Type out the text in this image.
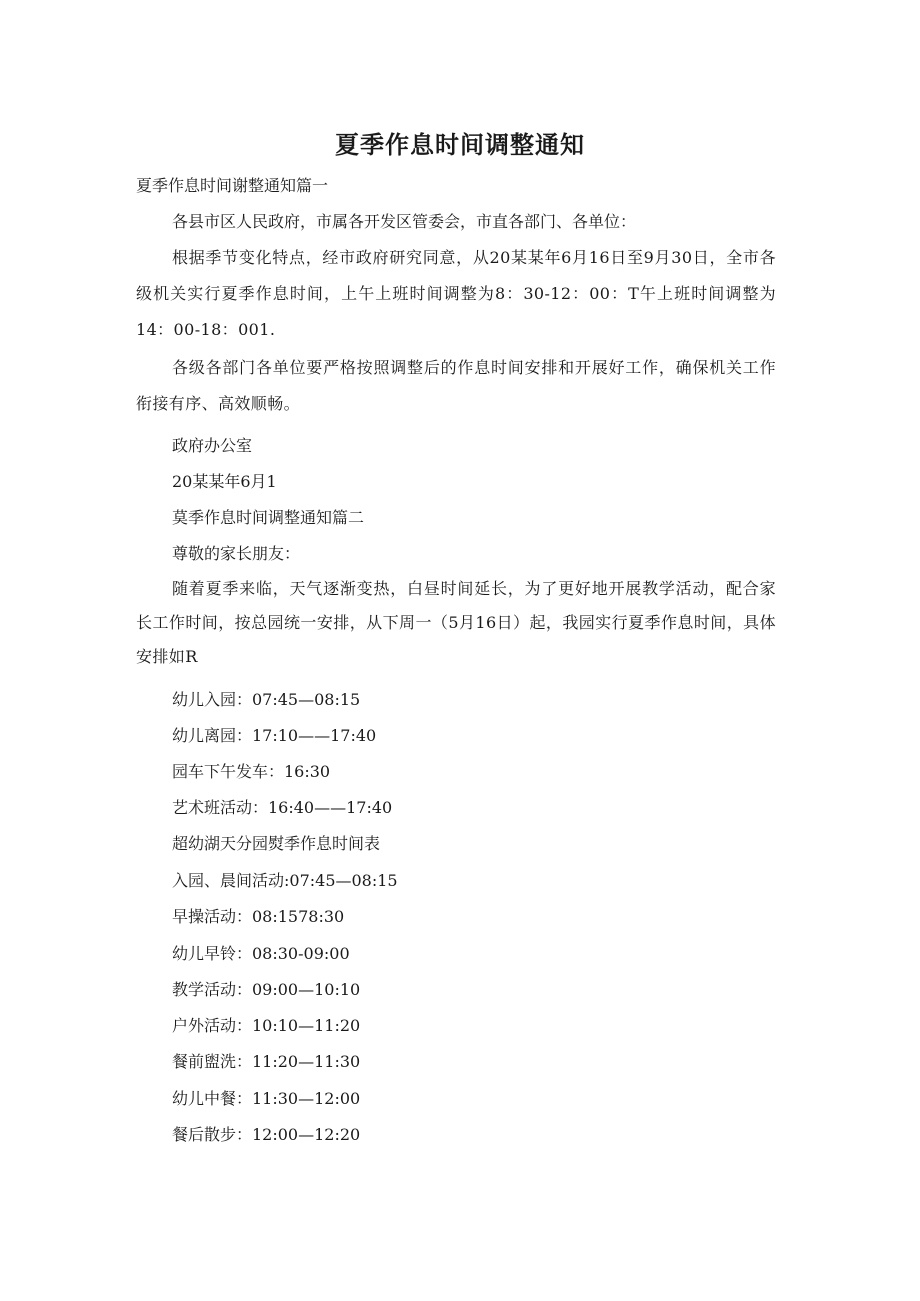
夏季作息时间调整通知
夏季作息时间谢整通知篇一
各县市区人民政府，市属各开发区管委会，市直各部门、各单位：
根据季节变化特点，经市政府研究同意，从20某某年6月16日至9月30日，全市各级机关实行夏季作息时间，上午上班时间调整为8：30-12：00：T午上班时间调整为14：00-18：001.
各级各部门各单位要严格按照调整后的作息时间安排和开展好工作，确保机关工作衔接有序、高效顺畅。
政府办公室
20某某年6月1
莫季作息时间调整通知篇二
尊敬的家长朋友：
随着夏季来临，天气逐渐变热，白昼时间延长，为了更好地开展教学活动，配合家长工作时间，按总园统一安排，从下周一（5月16日）起，我园实行夏季作息时间，具体安排如R
幼儿入园：07:45—08:15
幼儿离园：17:10——17:40
园车下午发车：16:30
艺术班活动：16:40——17:40
超幼湖天分园熨季作息时间表
入园、晨间活动:07:45—08:15
早操活动：08:1578:30
幼儿早铃：08:30-09:00
教学活动：09:00—10:10
户外活动：10:10—11:20
餐前盥洗：11:20—11:30
幼儿中餐：11:30—12:00
餐后散步：12:00—12:20
